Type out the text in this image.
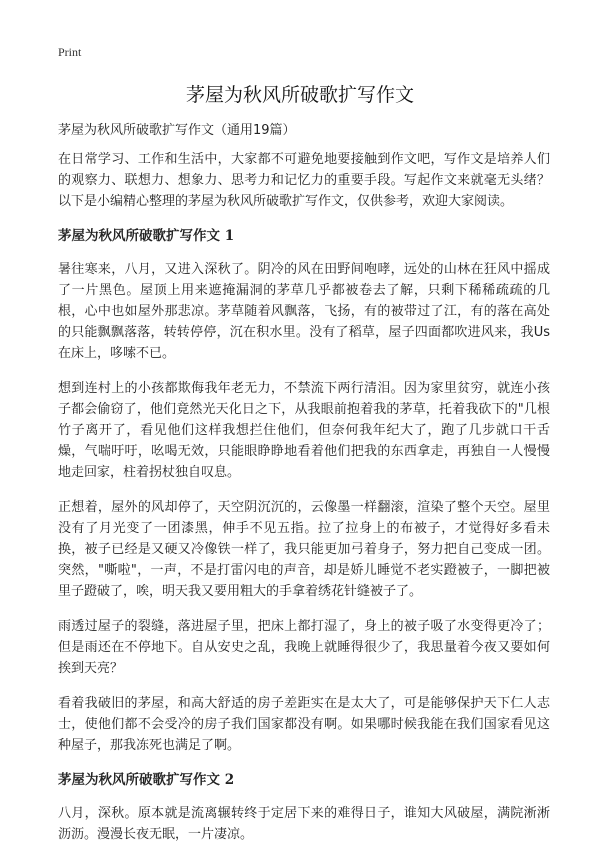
Print
茅屋为秋风所破歌扩写作文

茅屋为秋风所破歌扩写作文（通用19篇）

在日常学习、工作和生活中，大家都不可避免地要接触到作文吧，写作文是培养人们的观察力、联想力、想象力、思考力和记忆力的重要手段。写起作文来就毫无头绪？以下是小编精心整理的茅屋为秋风所破歌扩写作文，仅供参考，欢迎大家阅读。

茅屋为秋风所破歌扩写作文 1

暑往寒来，八月，又进入深秋了。阴冷的风在田野间咆哮，远处的山林在狂风中摇成了一片黑色。屋顶上用来遮掩漏洞的茅草几乎都被卷去了解，只剩下稀稀疏疏的几根，心中也如屋外那悲凉。茅草随着风飘落，飞扬，有的被带过了江，有的落在高处的只能飘飘落落，转转停停，沉在积水里。没有了稻草，屋子四面都吹进风来，我Us在床上，哆嗦不已。

想到连村上的小孩都欺侮我年老无力，不禁流下两行清泪。因为家里贫穷，就连小孩子都会偷窃了，他们竟然光天化日之下，从我眼前抱着我的茅草，托着我砍下的"几根竹子离开了，看见他们这样我想拦住他们，但奈何我年纪大了，跑了几步就口干舌燥，气喘吁吁，吆喝无效，只能眼睁睁地看着他们把我的东西拿走，再独自一人慢慢地走回家，柱着拐杖独自叹息。

正想着，屋外的风却停了，天空阴沉沉的，云像墨一样翻滚，渲染了整个天空。屋里没有了月光变了一团漆黑，伸手不见五指。拉了拉身上的布被子，才觉得好多看未换，被子已经是又硬又冷像铁一样了，我只能更加弓着身子，努力把自己变成一团。突然，"嘶啦"，一声，不是打雷闪电的声音，却是娇儿睡觉不老实蹬被子，一脚把被里子蹬破了，唉，明天我又要用粗大的手拿着绣花针缝被子了。

雨透过屋子的裂缝，落进屋子里，把床上都打湿了，身上的被子吸了水变得更冷了；但是雨还在不停地下。自从安史之乱，我晚上就睡得很少了，我思量着今夜又要如何挨到天亮？

看着我破旧的茅屋，和高大舒适的房子差距实在是太大了，可是能够保护天下仁人志士，使他们都不会受冷的房子我们国家都没有啊。如果哪时候我能在我们国家看见这种屋子，那我冻死也满足了啊。

茅屋为秋风所破歌扩写作文 2

八月，深秋。原本就是流离辗转终于定居下来的难得日子，谁知大风破屋，满院淅淅沥沥。漫漫长夜无眠，一片凄凉。
